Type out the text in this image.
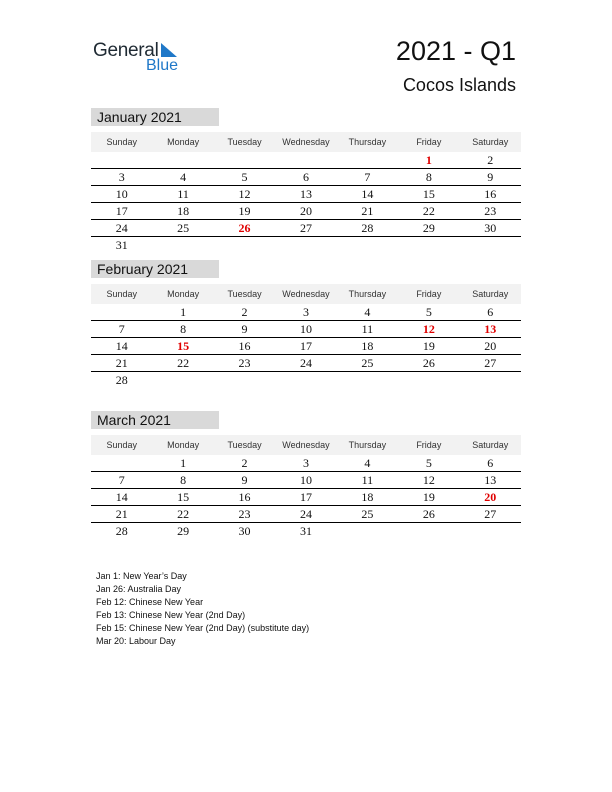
General
Blue	2021 - Q1
Cocos Islands
January 2021
Sunday	Monday	Tuesday	Wednesday	Thursday	Friday	Saturday
					1	2
3	4	5	6	7	8	9
10	11	12	13	14	15	16
17	18	19	20	21	22	23
24	25	26	27	28	29	30
31						
February 2021
Sunday	Monday	Tuesday	Wednesday	Thursday	Friday	Saturday
	1	2	3	4	5	6
7	8	9	10	11	12	13
14	15	16	17	18	19	20
21	22	23	24	25	26	27
28						
March 2021
Sunday	Monday	Tuesday	Wednesday	Thursday	Friday	Saturday
	1	2	3	4	5	6
7	8	9	10	11	12	13
14	15	16	17	18	19	20
21	22	23	24	25	26	27
28	29	30	31			
Jan 1: New Year’s Day
Jan 26: Australia Day
Feb 12: Chinese New Year
Feb 13: Chinese New Year (2nd Day)
Feb 15: Chinese New Year (2nd Day) (substitute day)
Mar 20: Labour Day
